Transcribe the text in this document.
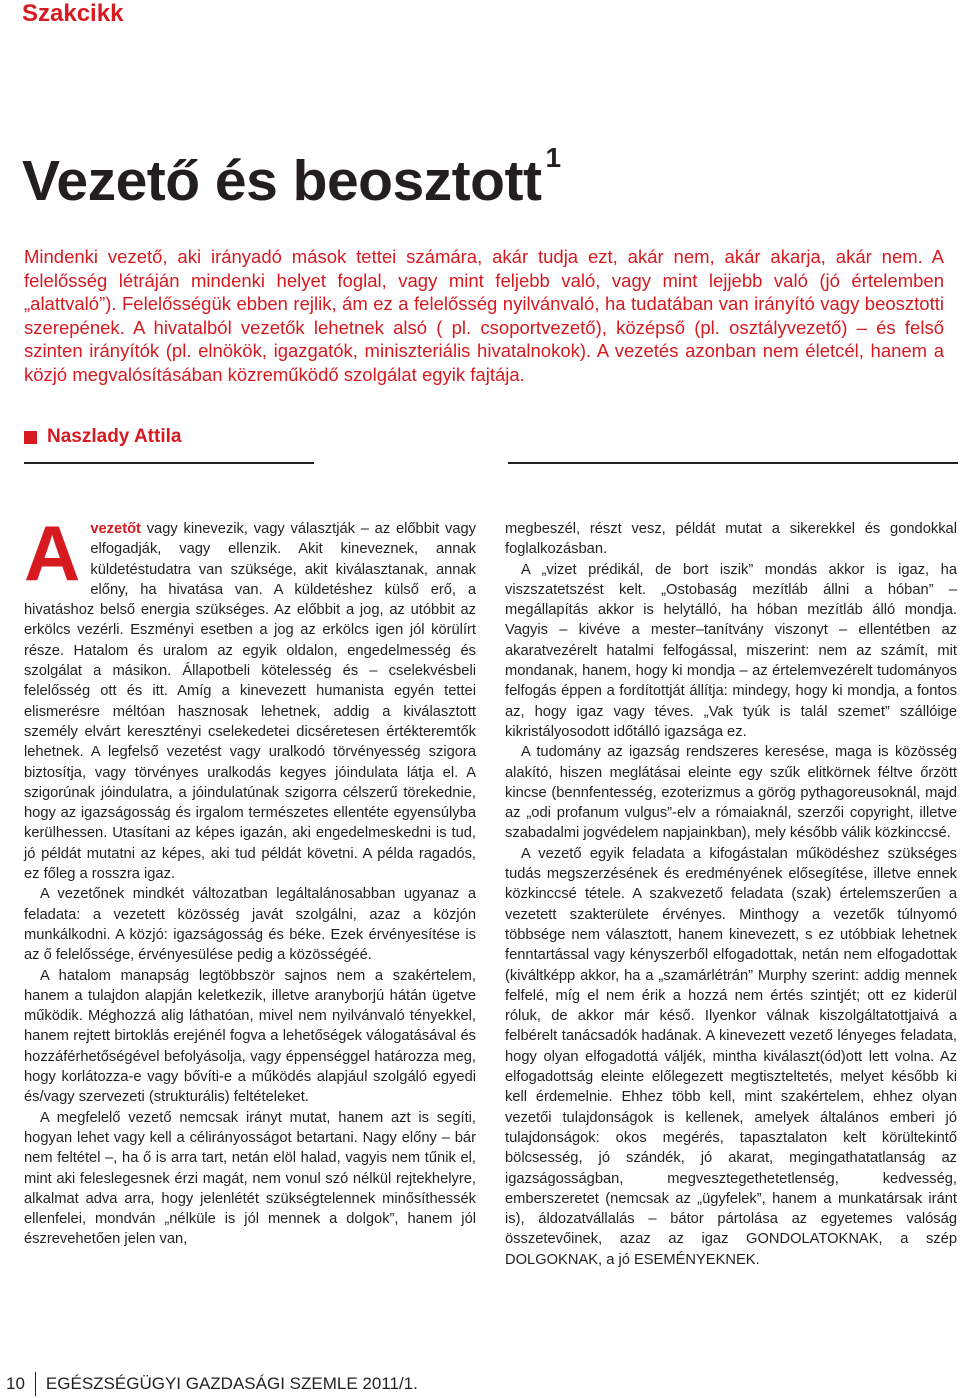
Szakcikk
Vezető és beosztott $^1$

Mindenki vezető, aki irányadó mások tettei számára, akár tudja ezt, akár nem, akár akarja, akár nem. A felelősség létráján mindenki helyet foglal, vagy mint feljebb való, vagy mint lejjebb való (jó értelemben „alattvaló”). Felelősségük ebben rejlik, ám ez a felelősség nyilvánvaló, ha tudatában van irányító vagy beosztotti szerepének. A hivatalból vezetők lehetnek alsó ( pl. csoportvezető), középső (pl. osztályvezető) – és felső szinten irányítók (pl. elnökök, igazgatók, miniszteriális hivatalnokok). A vezetés azonban nem életcél, hanem a közjó megvalósításában közreműködő szolgálat egyik fajtája.

Naszlady Attila

Avezetőt vagy kinevezik, vagy választják – az előbbit vagy elfogadják, vagy ellenzik. Akit kineveznek, annak küldetéstudatra van szüksége, akit kiválasztanak, annak előny, ha hivatása van. A küldetéshez külső erő, a hivatáshoz belső energia szükséges. Az előbbit a jog, az utóbbit az erkölcs vezérli. Eszményi esetben a jog az erkölcs igen jól körülírt része. Hatalom és uralom az egyik oldalon, engedelmesség és szolgálat a másikon. Állapotbeli kötelesség és – cselekvésbeli felelősség ott és itt. Amíg a kinevezett humanista egyén tettei elismerésre méltóan hasznosak lehetnek, addig a kiválasztott személy elvárt keresztényi cselekedetei dicséretesen értékteremtők lehetnek. A legfelső vezetést vagy uralkodó törvényesség szigora biztosítja, vagy törvényes uralkodás kegyes jóindulata látja el. A szigorúnak jóindulatra, a jóindulatúnak szigorra célszerű törekednie, hogy az igazságosság és irgalom természetes ellentéte egyensúlyba kerülhessen. Utasítani az képes igazán, aki engedelmeskedni is tud, jó példát mutatni az képes, aki tud példát követni. A példa ragadós, ez főleg a rosszra igaz.

A vezetőnek mindkét változatban legáltalánosabban ugyanaz a feladata: a vezetett közösség javát szolgálni, azaz a közjón munkálkodni. A közjó: igazságosság és béke. Ezek érvényesítése is az ő felelőssége, érvényesülése pedig a közösségéé.

A hatalom manapság legtöbbször sajnos nem a szakértelem, hanem a tulajdon alapján keletkezik, illetve aranyborjú hátán ügetve működik. Méghozzá alig láthatóan, mivel nem nyilvánvaló tényekkel, hanem rejtett birtoklás erejénél fogva a lehetőségek válogatásával és hozzáférhetőségével befolyásolja, vagy éppenséggel határozza meg, hogy korlátozza-e vagy bővíti-e a működés alapjául szolgáló egyedi és/vagy szervezeti (strukturális) feltételeket.

A megfelelő vezető nemcsak irányt mutat, hanem azt is segíti, hogyan lehet vagy kell a célirányosságot betartani. Nagy előny – bár nem feltétel –, ha ő is arra tart, netán elöl halad, vagyis nem tűnik el, mint aki feleslegesnek érzi magát, nem vonul szó nélkül rejtekhelyre, alkalmat adva arra, hogy jelenlétét szükségtelennek minősíthessék ellenfelei, mondván „nélküle is jól mennek a dolgok”, hanem jól észrevehetően jelen van,

megbeszél, részt vesz, példát mutat a sikerekkel és gondokkal foglalkozásban.

A „vizet prédikál, de bort iszik” mondás akkor is igaz, ha viszszatetszést kelt. „Ostobaság mezítláb állni a hóban” – megállapítás akkor is helytálló, ha hóban mezítláb álló mondja. Vagyis – kivéve a mester–tanítvány viszonyt – ellentétben az akaratvezérelt hatalmi felfogással, miszerint: nem az számít, mit mondanak, hanem, hogy ki mondja – az értelemvezérelt tudományos felfogás éppen a fordítottját állítja: mindegy, hogy ki mondja, a fontos az, hogy igaz vagy téves. „Vak tyúk is talál szemet” szállóige kikristályosodott időtálló igazsága ez.

A tudomány az igazság rendszeres keresése, maga is közösség alakító, hiszen meglátásai eleinte egy szűk elitkörnek féltve őrzött kincse (bennfentesség, ezoterizmus a görög pythagoreusoknál, majd az „odi profanum vulgus”-elv a rómaiaknál, szerzői copyright, illetve szabadalmi jogvédelem napjainkban), mely később válik közkinccsé.

A vezető egyik feladata a kifogástalan működéshez szükséges tudás megszerzésének és eredményének elősegítése, illetve ennek közkinccsé tétele. A szakvezető feladata (szak) értelemszerűen a vezetett szakterülete érvényes. Minthogy a vezetők túlnyomó többsége nem választott, hanem kinevezett, s ez utóbbiak lehetnek fenntartással vagy kényszerből elfogadottak, netán nem elfogadottak (kiváltképp akkor, ha a „szamárlétrán” Murphy szerint: addig mennek felfelé, míg el nem érik a hozzá nem értés szintjét; ott ez kiderül róluk, de akkor már késő. Ilyenkor válnak kiszolgáltatottjaivá a felbérelt tanácsadók hadának. A kinevezett vezető lényeges feladata, hogy olyan elfogadottá váljék, mintha kiválaszt(ód)ott lett volna. Az elfogadottság eleinte előlegezett megtiszteltetés, melyet később ki kell érdemelnie. Ehhez több kell, mint szakértelem, ehhez olyan vezetői tulajdonságok is kellenek, amelyek általános emberi jó tulajdonságok: okos megérés, tapasztalaton kelt körültekintő bölcsesség, jó szándék, jó akarat, megingathatatlanság az igazságosságban, megvesztegethetetlenség, kedvesség, emberszeretet (nemcsak az „ügyfelek”, hanem a munkatársak iránt is), áldozatvállalás – bátor pártolása az egyetemes valóság összetevőinek, azaz az igaz GONDOLATOKNAK, a szép DOLGOKNAK, a jó ESEMÉNYEKNEK.

10	EGÉSZSÉGÜGYI GAZDASÁGI SZEMLE 2011/1.
